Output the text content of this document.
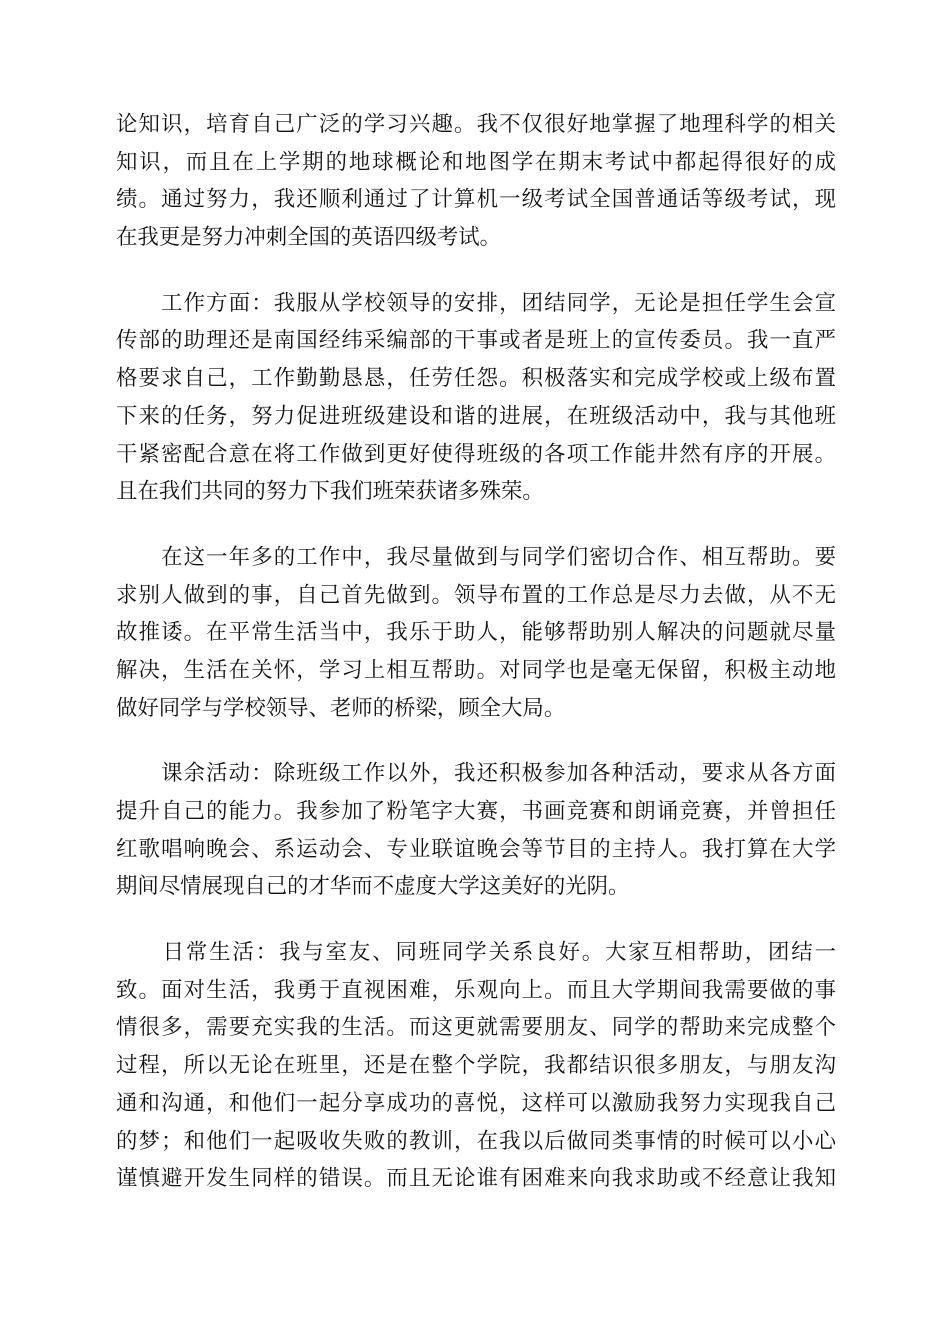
论知识，培育自己广泛的学习兴趣。我不仅很好地掌握了地理科学的相关
知识，而且在上学期的地球概论和地图学在期末考试中都起得很好的成
绩。通过努力，我还顺利通过了计算机一级考试全国普通话等级考试，现
在我更是努力冲刺全国的英语四级考试。

　　工作方面：我服从学校领导的安排，团结同学，无论是担任学生会宣
传部的助理还是南国经纬采编部的干事或者是班上的宣传委员。我一直严
格要求自己，工作勤勤恳恳，任劳任怨。积极落实和完成学校或上级布置
下来的任务，努力促进班级建设和谐的进展，在班级活动中，我与其他班
干紧密配合意在将工作做到更好使得班级的各项工作能井然有序的开展。
且在我们共同的努力下我们班荣获诸多殊荣。

　　在这一年多的工作中，我尽量做到与同学们密切合作、相互帮助。要
求别人做到的事，自己首先做到。领导布置的工作总是尽力去做，从不无
故推诿。在平常生活当中，我乐于助人，能够帮助别人解决的问题就尽量
解决，生活在关怀，学习上相互帮助。对同学也是毫无保留，积极主动地
做好同学与学校领导、老师的桥梁，顾全大局。

　　课余活动：除班级工作以外，我还积极参加各种活动，要求从各方面
提升自己的能力。我参加了粉笔字大赛，书画竞赛和朗诵竞赛，并曾担任
红歌唱响晚会、系运动会、专业联谊晚会等节目的主持人。我打算在大学
期间尽情展现自己的才华而不虚度大学这美好的光阴。

　　日常生活：我与室友、同班同学关系良好。大家互相帮助，团结一
致。面对生活，我勇于直视困难，乐观向上。而且大学期间我需要做的事
情很多，需要充实我的生活。而这更就需要朋友、同学的帮助来完成整个
过程，所以无论在班里，还是在整个学院，我都结识很多朋友，与朋友沟
通和沟通，和他们一起分享成功的喜悦，这样可以激励我努力实现我自己
的梦；和他们一起吸收失败的教训，在我以后做同类事情的时候可以小心
谨慎避开发生同样的错误。而且无论谁有困难来向我求助或不经意让我知
